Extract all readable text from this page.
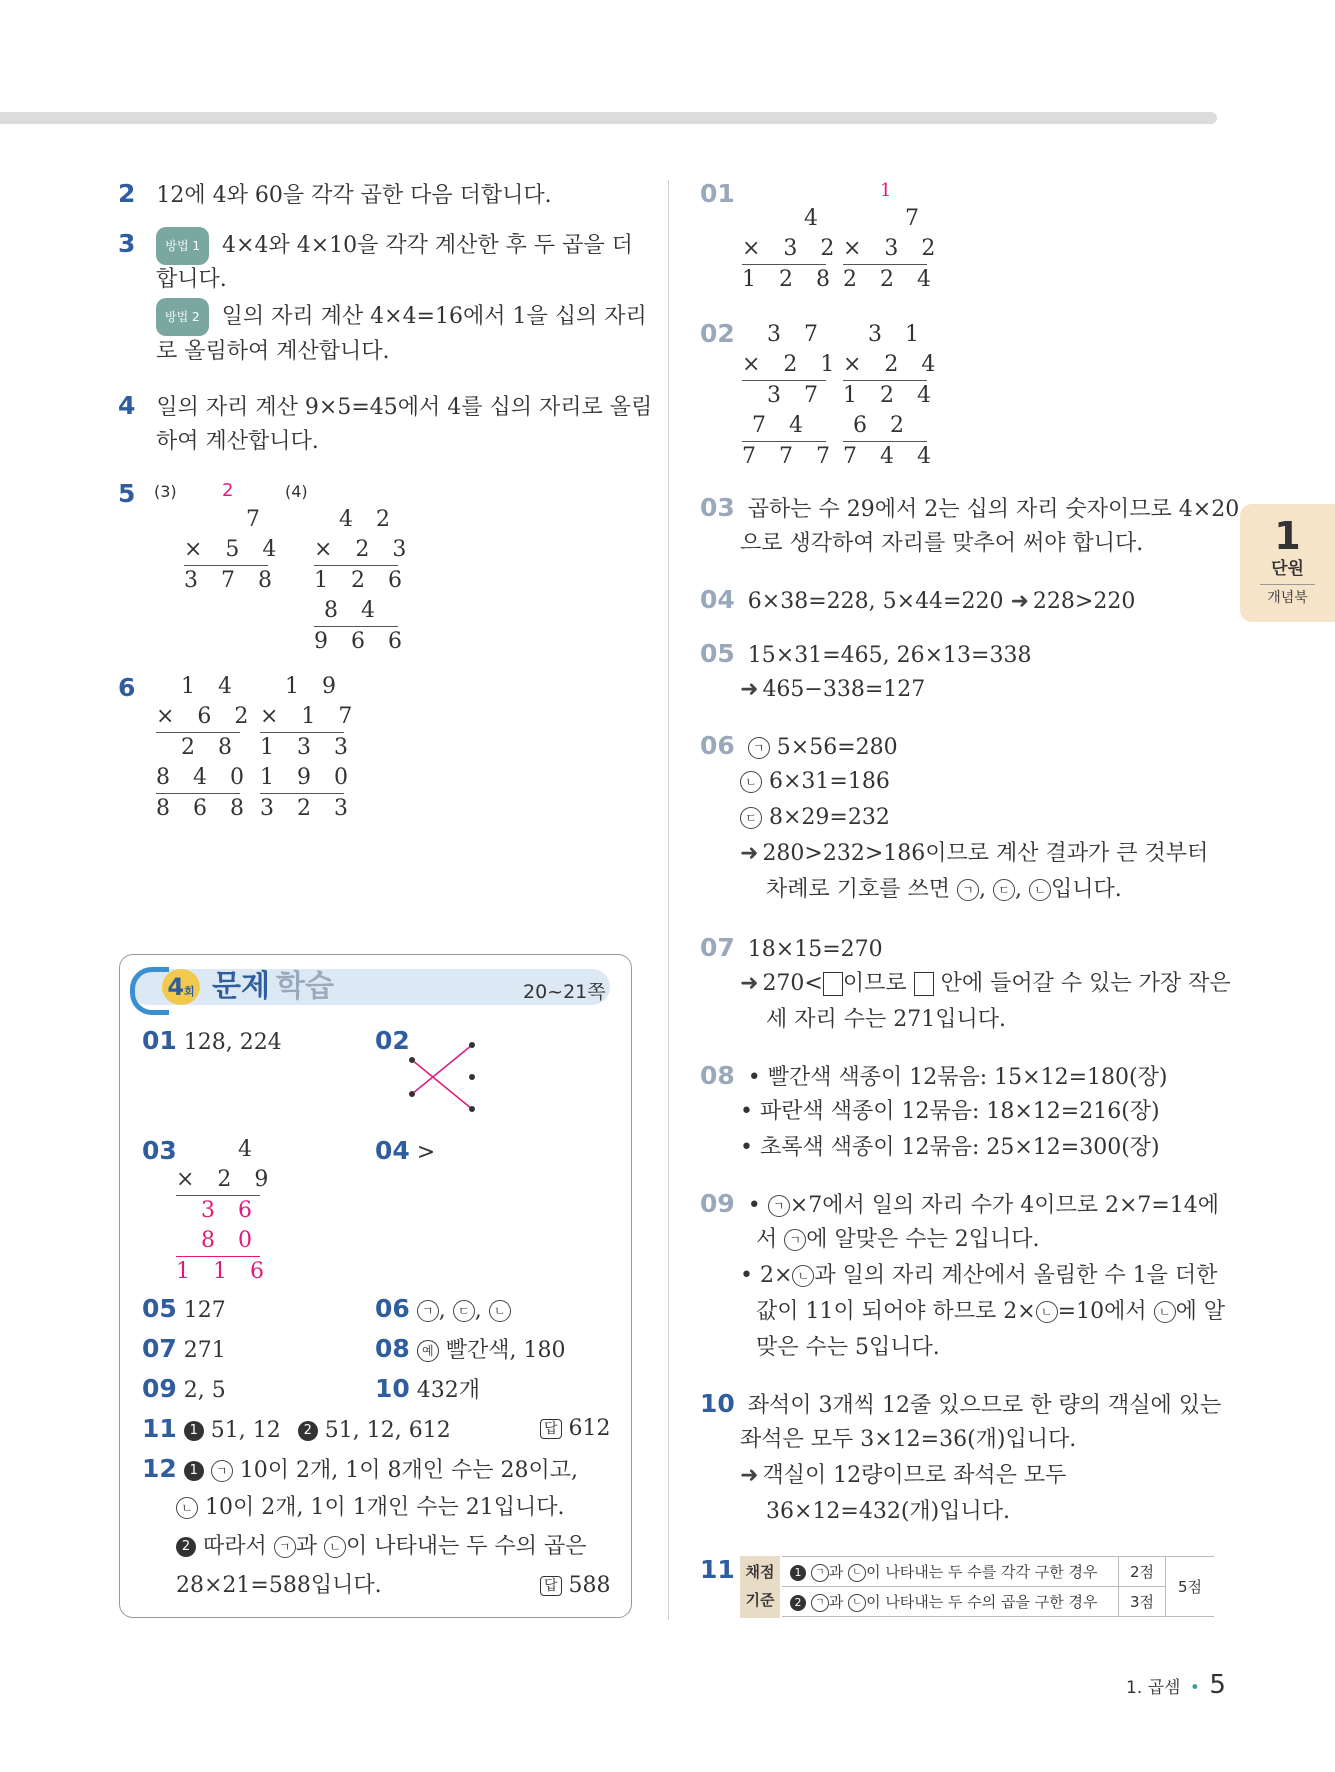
2 12에 4와 60을 각각 곱한 다음 더합니다.
3	방법 1 4×4와 4×10을 각각 계산한 후 두 곱을 더
합니다.
방법 2 일의 자리 계산 4×4=16에서 1을 십의 자리
로 올림하여 계산합니다.
4 일의 자리 계산 9×5=45에서 4를 십의 자리로 올림
하여 계산합니다.
5 (3)	2	(4)
7
× 5 4
3 7 8
4 2
× 2 3
1 2 6
8 4
9 6 6
6	1 4
× 6 2
2 8
8 4 0
8 6 8
1 9
× 1 7
1 3 3
1 9 0
3 2 3
4회 문제 학습	20~21쪽
01 128, 224	02
03	4
× 2 9
3 6
8 0
1 1 6
04 >
05 127	06 ㄱ , ㄷ , ㄴ
07 271	08 예 빨간색, 180
09 2, 5	10 432개
11 1 51, 12 2 51, 12, 612	답 612
12 1 ㄱ 10이 2개, 1이 8개인 수는 28이고,
ㄴ 10이 2개, 1이 1개인 수는 21입니다.
2 따라서 ㄱ 과 ㄴ 이 나타내는 두 수의 곱은
28×21=588입니다.	답 588
01	1
4
× 3 2
1 2 8
7
× 3 2
2 2 4
02	3 7
× 2 1
3 7
7 4
7 7 7
3 1
× 2 4
1 2 4
6 2
7 4 4
03 곱하는 수 29에서 2는 십의 자리 숫자이므로 4×20
으로 생각하여 자리를 맞추어 써야 합니다.
04 6×38=228, 5×44=220 ➜ 228>220
05 15×31=465, 26×13=338
➜ 465−338=127
06 ㄱ 5×56=280
ㄴ 6×31=186
ㄷ 8×29=232
➜ 280>232>186이므로 계산 결과가 큰 것부터
차례로 기호를 쓰면 ㄱ , ㄷ , ㄴ 입니다.
07 18×15=270
➜ 270< 이므로 안에 들어갈 수 있는 가장 작은
세 자리 수는 271입니다.
08 • 빨간색 색종이 12묶음: 15×12=180(장)
• 파란색 색종이 12묶음: 18×12=216(장)
• 초록색 색종이 12묶음: 25×12=300(장)
09 • ㄱ ×7에서 일의 자리 수가 4이므로 2×7=14에
서 ㄱ 에 알맞은 수는 2입니다.
• 2× ㄴ 과 일의 자리 계산에서 올림한 수 1을 더한
값이 11이 되어야 하므로 2× ㄴ =10에서 ㄴ 에 알
맞은 수는 5입니다.
10 좌석이 3개씩 12줄 있으므로 한 량의 객실에 있는
좌석은 모두 3×12=36(개)입니다.
➜ 객실이 12량이므로 좌석은 모두
36×12=432(개)입니다.
11 채점
기준
1 ㄱ 과 ㄴ 이 나타내는 두 수를 각각 구한 경우	2점	5점
2 ㄱ 과 ㄴ 이 나타내는 두 수의 곱을 구한 경우	3점	
1
단원
개념북
1. 곱셈 • 5
